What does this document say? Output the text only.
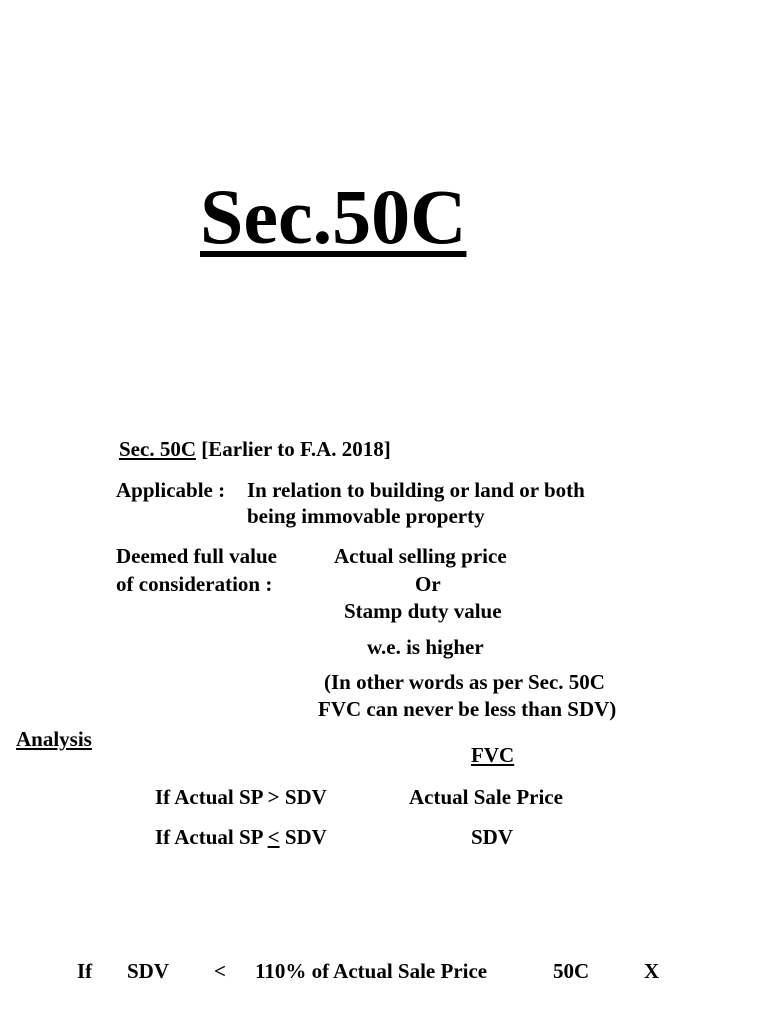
Sec.50C
Sec. 50C [Earlier to F.A. 2018]
Applicable : In relation to building or land or both
being immovable property
Deemed full value
of consideration :
Actual selling price
Or
Stamp duty value
w.e. is higher
(In other words as per Sec. 50C
FVC can never be less than SDV)
Analysis
FVC
If Actual SP > SDV	Actual Sale Price
If Actual SP < SDV	SDV
If SDV < 110% of Actual Sale Price	50C	X
